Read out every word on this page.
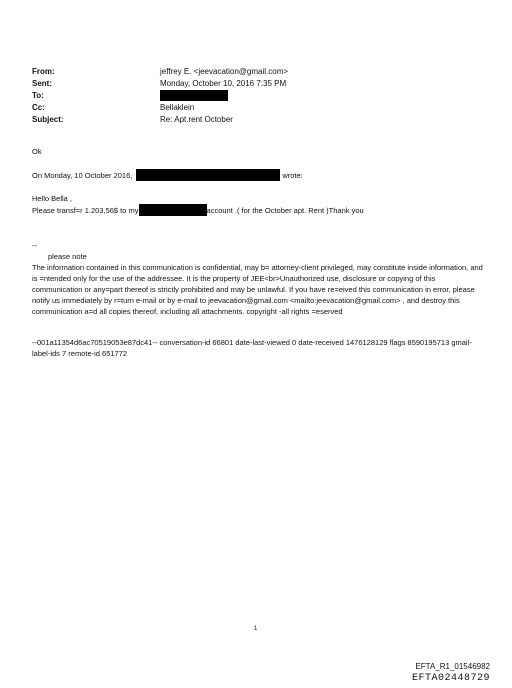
From:	jeffrey E. <jeevacation@gmail.com>
Sent:	Monday, October 10, 2016 7:35 PM
To:
Cc:	Bellaklein
Subject:	Re: Apt.rent October
Ok
On Monday, 10 October 2016,	wrote:
Hello Bella ,
Please transf=r 1.203,56$ to my	account .( for the October apt. Rent )Thank you
--
please note
The information contained in this communication is confidential, may b= attorney-client privileged, may constitute inside information, and is =ntended only for the use of the addressee. It is the property of JEE<br>Unauthorized use, disclosure or copying of this communication or any=part thereof is strictly prohibited and may be unlawful. If you have re=eived this communication in error, please notify us immediately by r=turn e-mail or by e-mail to jeevacation@gmail.com <mailto:jeevacation@gmail.com> , and destroy this communication a=d all copies thereof, including all attachments. copyright -all rights =eserved
--001a11354d6ac70519053e87dc41-- conversation-id 66801 date-last-viewed 0 date-received 1476128129 flags 8590195713 gmail-label-ids 7 remote-id 651772
1
EFTA_R1_01546982
EFTA02448729
